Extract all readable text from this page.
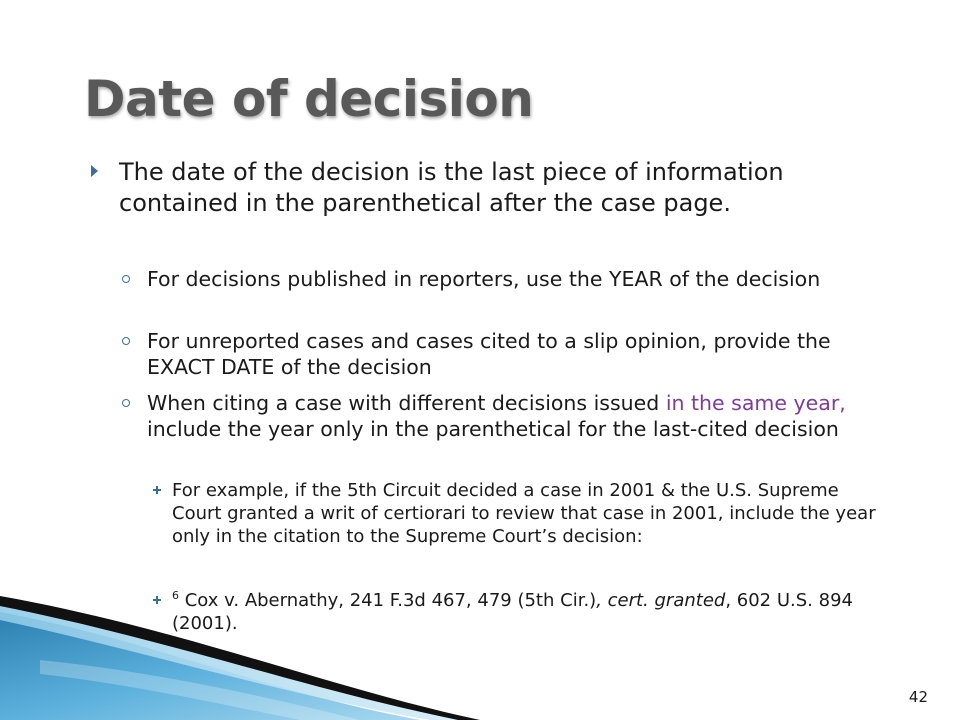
Date of decision
The date of the decision is the last piece of information contained in the parenthetical after the case page.
For decisions published in reporters, use the YEAR of the decision
For unreported cases and cases cited to a slip opinion, provide the EXACT DATE of the decision
When citing a case with different decisions issued in the same year, include the year only in the parenthetical for the last-cited decision
For example, if the 5th Circuit decided a case in 2001 & the U.S. Supreme Court granted a writ of certiorari to review that case in 2001, include the year only in the citation to the Supreme Court’s decision:
$^6$ Cox v. Abernathy, 241 F.3d 467, 479 (5th Cir.), cert. granted, 602 U.S. 894 (2001).
42
